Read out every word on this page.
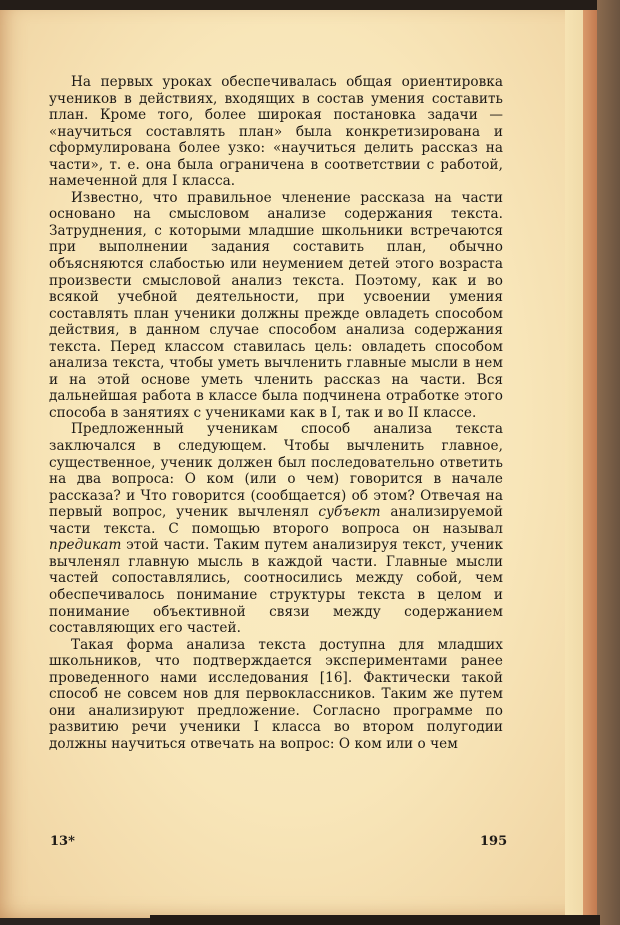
На первых уроках обеспечивалась общая ориентировка учеников в действиях, входящих в состав умения составить план. Кроме того, более широкая постановка задачи — «научиться составлять план» была конкретизирована и сформулирована более узко: «научиться делить рассказ на части», т. е. она была ограничена в соответствии с работой, намеченной для I класса.

Известно, что правильное членение рассказа на части основано на смысловом анализе содержания текста. Затруднения, с которыми младшие школьники встречаются при выполнении задания составить план, обычно объясняются слабостью или неумением детей этого возраста произвести смысловой анализ текста. Поэтому, как и во всякой учебной деятельности, при усвоении умения составлять план ученики должны прежде овладеть способом действия, в данном случае способом анализа содержания текста. Перед классом ставилась цель: овладеть способом анализа текста, чтобы уметь вычленить главные мысли в нем и на этой основе уметь членить рассказ на части. Вся дальнейшая работа в классе была подчинена отработке этого способа в занятиях с учениками как в I, так и во II классе.

Предложенный ученикам способ анализа текста заключался в следующем. Чтобы вычленить главное, существенное, ученик должен был последовательно ответить на два вопроса: О ком (или о чем) говорится в начале рассказа? и Что говорится (сообщается) об этом? Отвечая на первый вопрос, ученик вычленял субъект анализируемой части текста. С помощью второго вопроса он называл предикат этой части. Таким путем анализируя текст, ученик вычленял главную мысль в каждой части. Главные мысли частей сопоставлялись, соотносились между собой, чем обеспечивалось понимание структуры текста в целом и понимание объективной связи между содержанием составляющих его частей.

Такая форма анализа текста доступна для младших школьников, что подтверждается экспериментами ранее проведенного нами исследования [16]. Фактически такой способ не совсем нов для первоклассников. Таким же путем они анализируют предложение. Согласно программе по развитию речи ученики I класса во втором полугодии должны научиться отвечать на вопрос: О ком или о чем

13*	195
